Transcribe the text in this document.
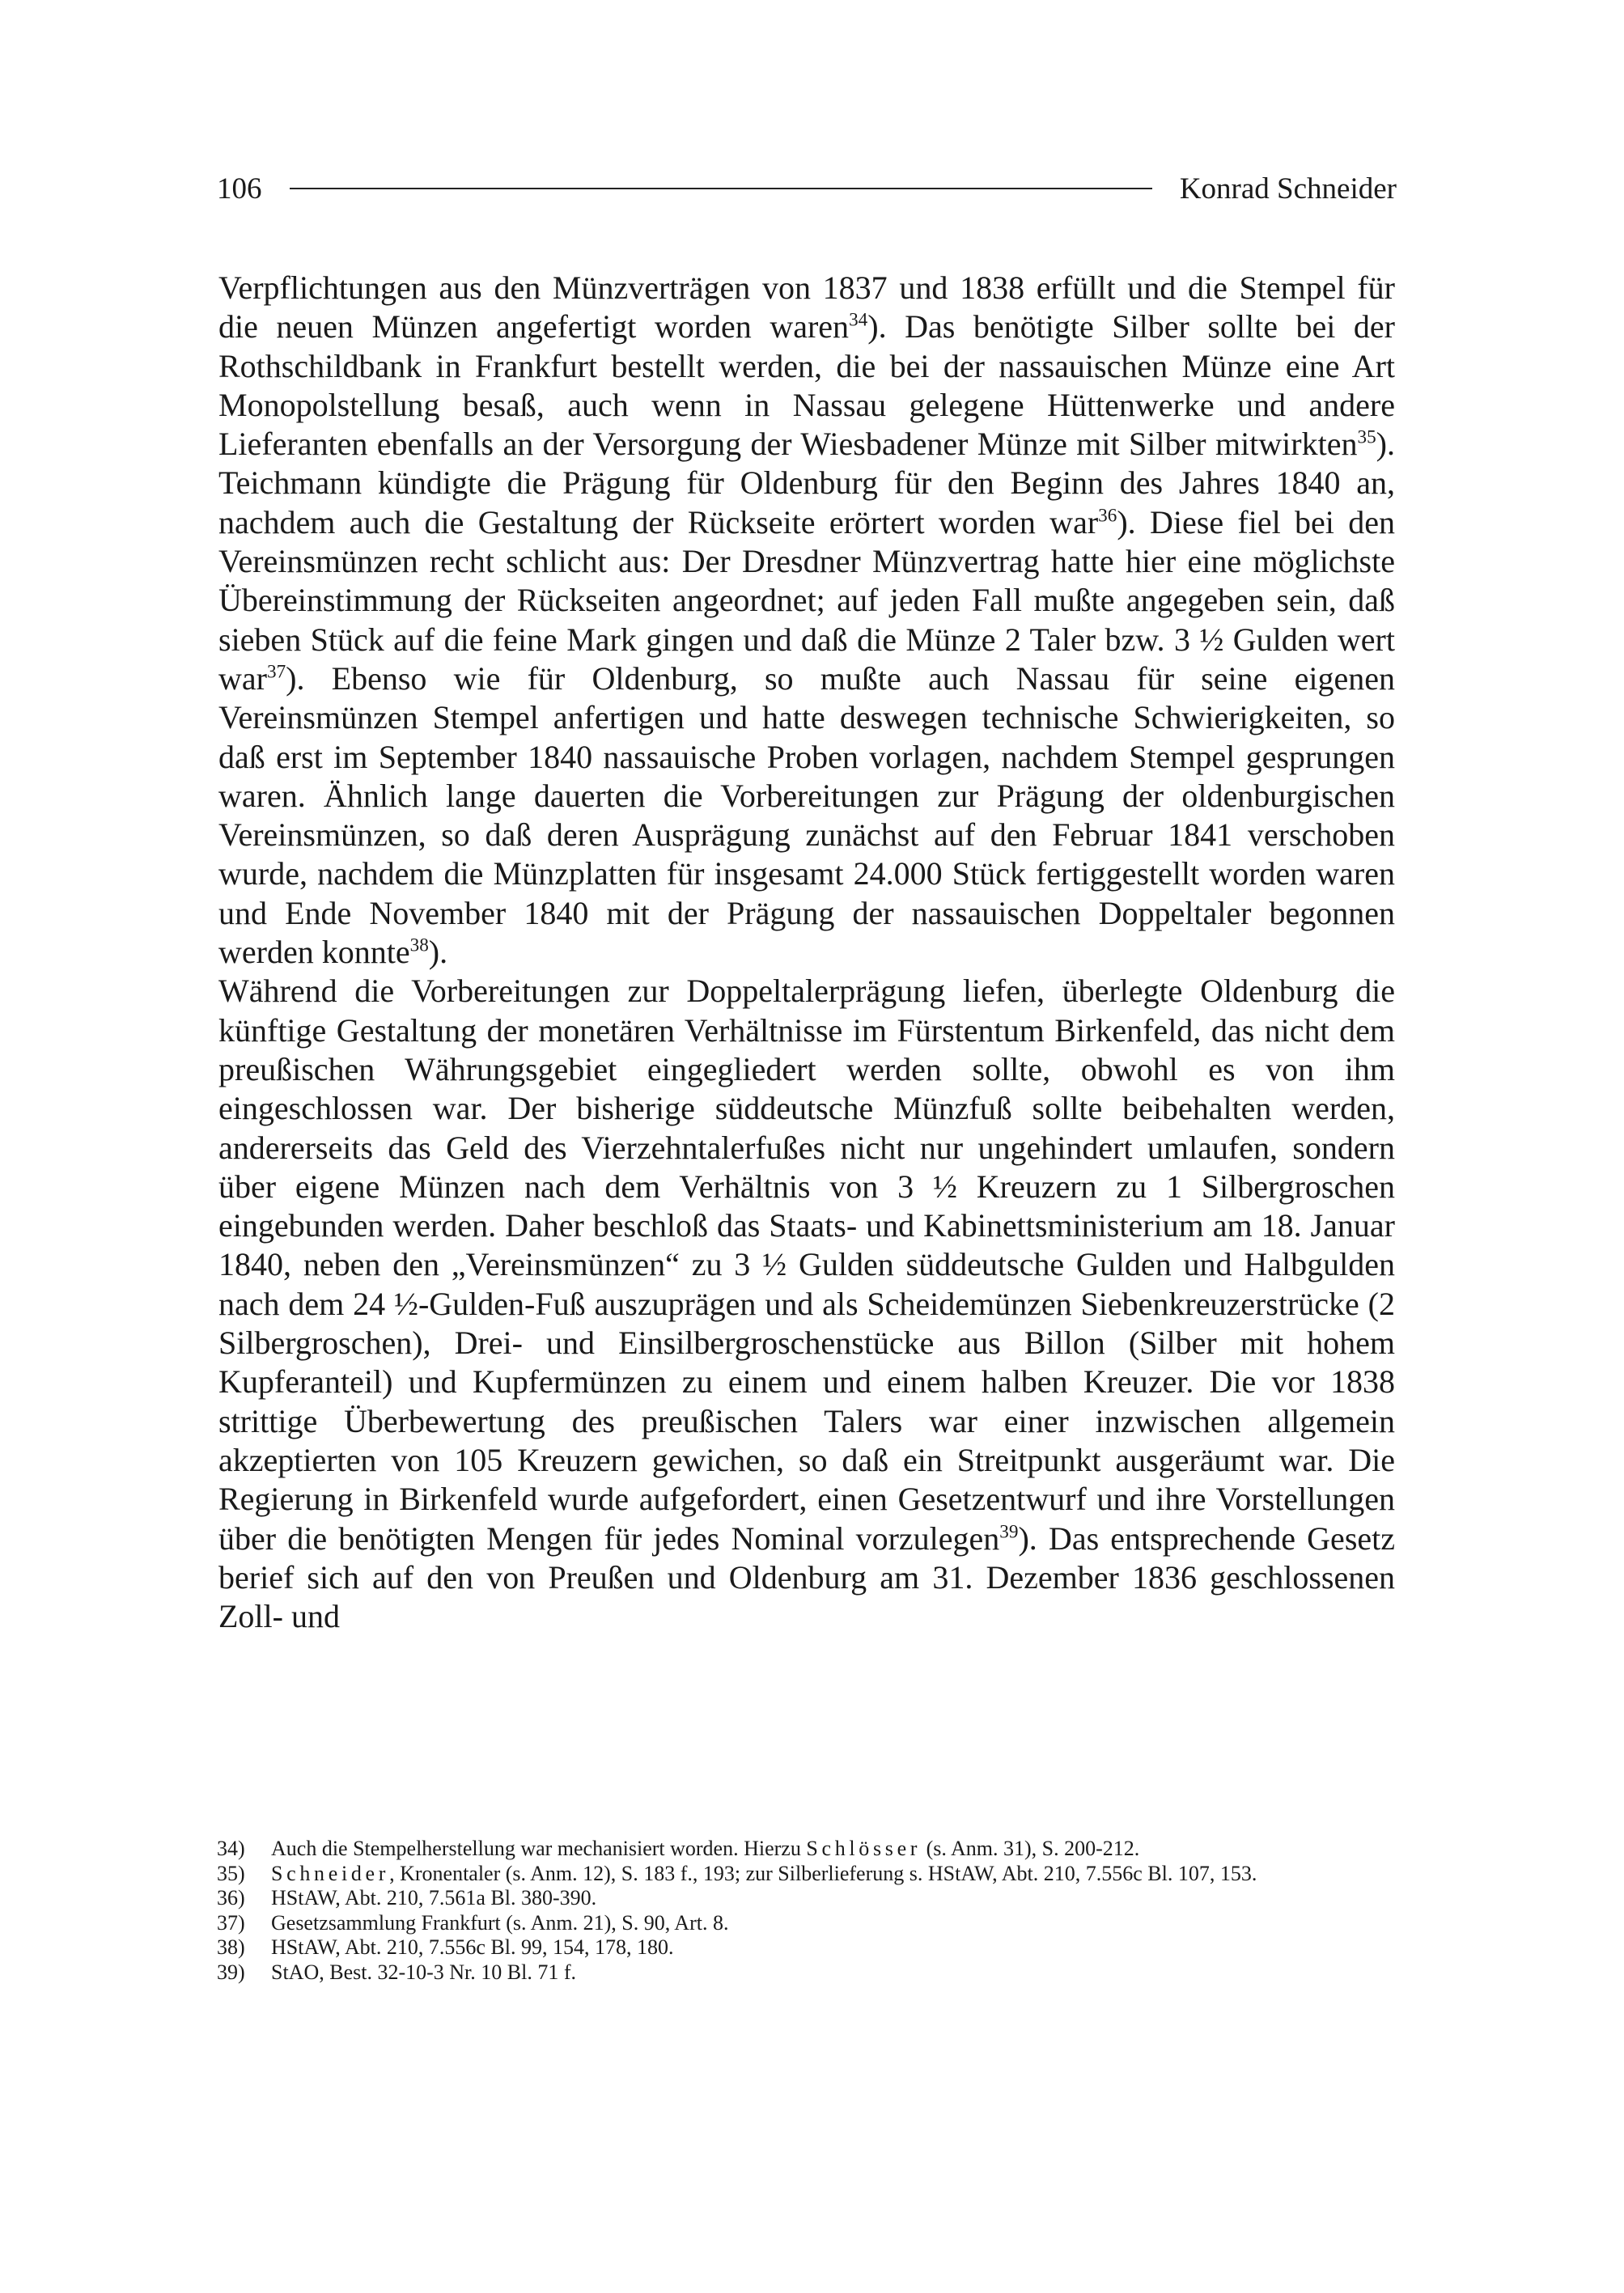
106	Konrad Schneider

Verpflichtungen aus den Münzverträgen von 1837 und 1838 erfüllt und die Stempel für die neuen Münzen angefertigt worden waren$^{34}$). Das benötigte Silber sollte bei der Rothschildbank in Frankfurt bestellt werden, die bei der nassauischen Münze eine Art Monopolstellung besaß, auch wenn in Nassau gelegene Hüttenwerke und andere Lieferanten ebenfalls an der Versorgung der Wiesbadener Münze mit Silber mitwirkten$^{35}$). Teichmann kündigte die Prägung für Oldenburg für den Beginn des Jahres 1840 an, nachdem auch die Gestaltung der Rückseite erörtert worden war$^{36}$). Diese fiel bei den Vereinsmünzen recht schlicht aus: Der Dresdner Münzvertrag hatte hier eine möglichste Übereinstimmung der Rückseiten angeordnet; auf jeden Fall mußte angegeben sein, daß sieben Stück auf die feine Mark gingen und daß die Münze 2 Taler bzw. 3 ½ Gulden wert war$^{37}$). Ebenso wie für Oldenburg, so mußte auch Nassau für seine eigenen Vereinsmünzen Stempel anfertigen und hatte deswegen technische Schwierigkeiten, so daß erst im September 1840 nassauische Proben vorlagen, nachdem Stempel gesprungen waren. Ähnlich lange dauerten die Vorbereitungen zur Prägung der oldenburgischen Vereinsmünzen, so daß deren Ausprägung zunächst auf den Februar 1841 verschoben wurde, nachdem die Münzplatten für insgesamt 24.000 Stück fertiggestellt worden waren und Ende November 1840 mit der Prägung der nassauischen Doppeltaler begonnen werden konnte$^{38}$).

Während die Vorbereitungen zur Doppeltalerprägung liefen, überlegte Oldenburg die künftige Gestaltung der monetären Verhältnisse im Fürstentum Birkenfeld, das nicht dem preußischen Währungsgebiet eingegliedert werden sollte, obwohl es von ihm eingeschlossen war. Der bisherige süddeutsche Münzfuß sollte beibehalten werden, andererseits das Geld des Vierzehntalerfußes nicht nur ungehindert umlaufen, sondern über eigene Münzen nach dem Verhältnis von 3 ½ Kreuzern zu 1 Silbergroschen eingebunden werden. Daher beschloß das Staats- und Kabinettsministerium am 18. Januar 1840, neben den „Vereinsmünzen“ zu 3 ½ Gulden süddeutsche Gulden und Halbgulden nach dem 24 ½-Gulden-Fuß auszuprägen und als Scheidemünzen Siebenkreuzerstrücke (2 Silbergroschen), Drei- und Einsilbergroschenstücke aus Billon (Silber mit hohem Kupferanteil) und Kupfermünzen zu einem und einem halben Kreuzer. Die vor 1838 strittige Überbewertung des preußischen Talers war einer inzwischen allgemein akzeptierten von 105 Kreuzern gewichen, so daß ein Streitpunkt ausgeräumt war. Die Regierung in Birkenfeld wurde aufgefordert, einen Gesetzentwurf und ihre Vorstellungen über die benötigten Mengen für jedes Nominal vorzulegen$^{39}$). Das entsprechende Gesetz berief sich auf den von Preußen und Oldenburg am 31. Dezember 1836 geschlossenen Zoll- und

34)	Auch die Stempelherstellung war mechanisiert worden. Hierzu Schlösser (s. Anm. 31), S. 200-212.
35)	Schneider, Kronentaler (s. Anm. 12), S. 183 f., 193; zur Silberlieferung s. HStAW, Abt. 210, 7.556c Bl. 107, 153.
36)	HStAW, Abt. 210, 7.561a Bl. 380-390.
37)	Gesetzsammlung Frankfurt (s. Anm. 21), S. 90, Art. 8.
38)	HStAW, Abt. 210, 7.556c Bl. 99, 154, 178, 180.
39)	StAO, Best. 32-10-3 Nr. 10 Bl. 71 f.
